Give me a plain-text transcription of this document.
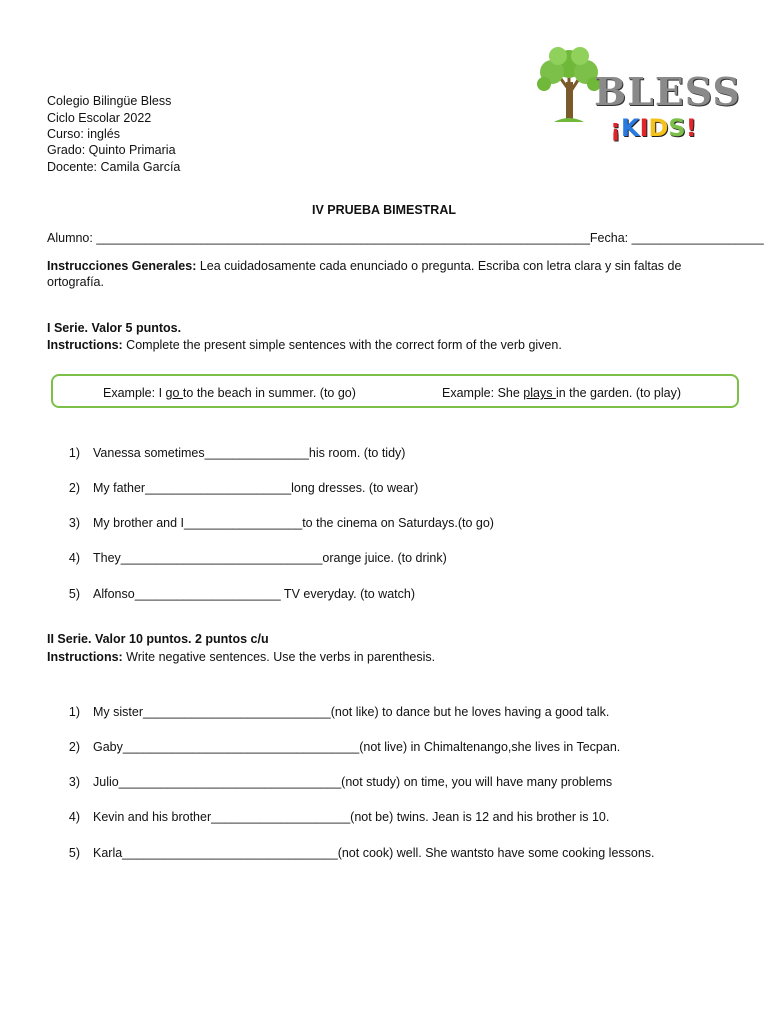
Colegio Bilingüe Bless
Ciclo Escolar 2022
Curso: inglés
Grado: Quinto Primaria
Docente: Camila García
BLESS
¡KIDS!
IV PRUEBA BIMESTRAL
Alumno: _______________________________________________________________________Fecha: ___________________
Instrucciones Generales: Lea cuidadosamente cada enunciado o pregunta. Escriba con letra clara y sin faltas de
ortografía.
I Serie. Valor 5 puntos.
Instructions: Complete the present simple sentences with the correct form of the verb given.
Example: I go to the beach in summer. (to go)	Example: She plays in the garden. (to play)
1) Vanessa sometimes_______________his room. (to tidy)
2) My father_____________________long dresses. (to wear)
3) My brother and I_________________to the cinema on Saturdays.(to go)
4) They_____________________________orange juice. (to drink)
5) Alfonso_____________________ TV everyday. (to watch)
II Serie. Valor 10 puntos. 2 puntos c/u
Instructions: Write negative sentences. Use the verbs in parenthesis.
1) My sister___________________________(not like) to dance but he loves having a good talk.
2) Gaby__________________________________(not live) in Chimaltenango,she lives in Tecpan.
3) Julio________________________________(not study) on time, you will have many problems
4) Kevin and his brother____________________(not be) twins. Jean is 12 and his brother is 10.
5) Karla_______________________________(not cook) well. She wantsto have some cooking lessons.
